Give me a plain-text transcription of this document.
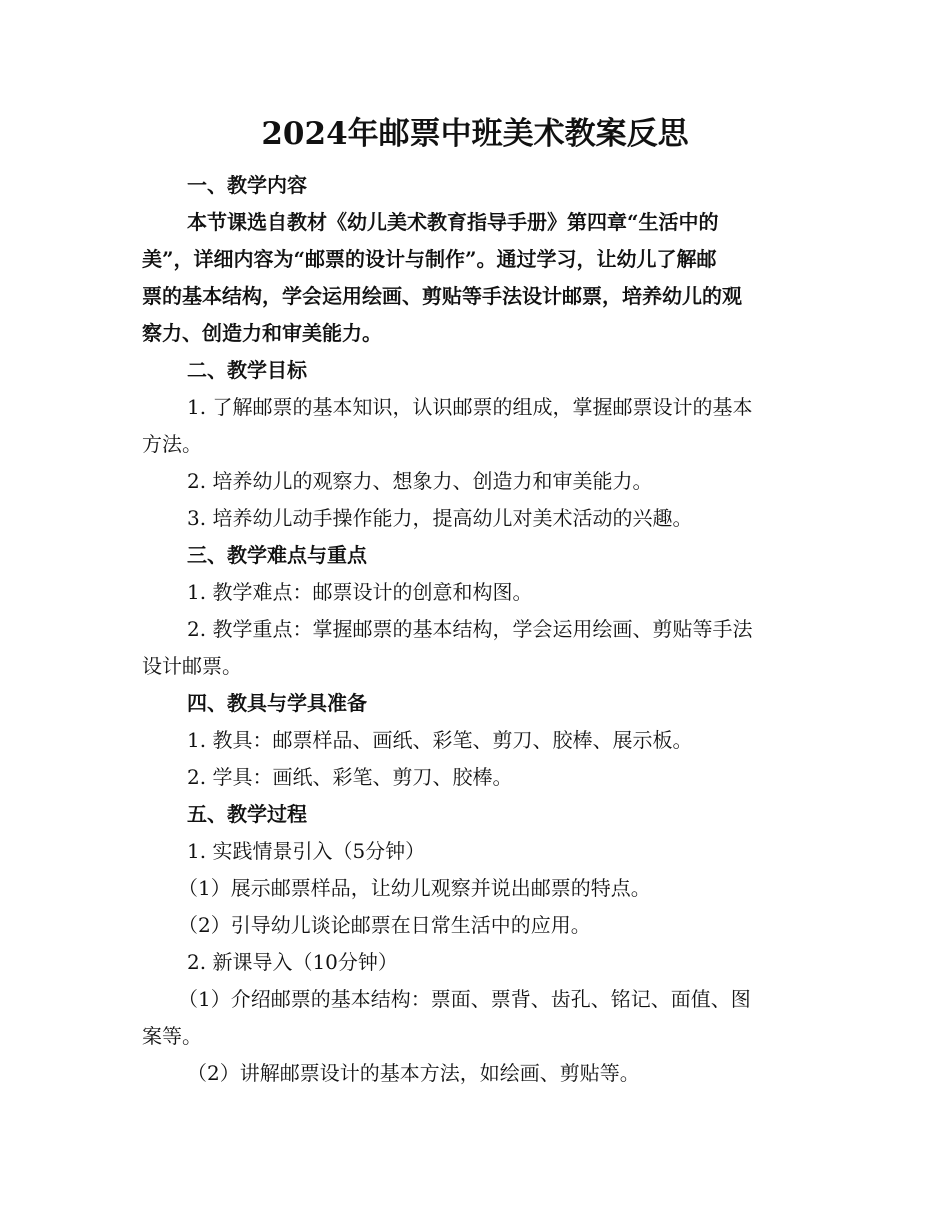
2024年邮票中班美术教案反思
一、教学内容
本节课选自教材《幼儿美术教育指导手册》第四章“生活中的
美”，详细内容为“邮票的设计与制作”。通过学习，让幼儿了解邮
票的基本结构，学会运用绘画、剪贴等手法设计邮票，培养幼儿的观
察力、创造力和审美能力。
二、教学目标
1. 了解邮票的基本知识，认识邮票的组成，掌握邮票设计的基本
方法。
2. 培养幼儿的观察力、想象力、创造力和审美能力。
3. 培养幼儿动手操作能力，提高幼儿对美术活动的兴趣。
三、教学难点与重点
1. 教学难点：邮票设计的创意和构图。
2. 教学重点：掌握邮票的基本结构，学会运用绘画、剪贴等手法
设计邮票。
四、教具与学具准备
1. 教具：邮票样品、画纸、彩笔、剪刀、胶棒、展示板。
2. 学具：画纸、彩笔、剪刀、胶棒。
五、教学过程
1. 实践情景引入（5分钟）
（1）展示邮票样品，让幼儿观察并说出邮票的特点。
（2）引导幼儿谈论邮票在日常生活中的应用。
2. 新课导入（10分钟）
（1）介绍邮票的基本结构：票面、票背、齿孔、铭记、面值、图
案等。
（2）讲解邮票设计的基本方法，如绘画、剪贴等。
